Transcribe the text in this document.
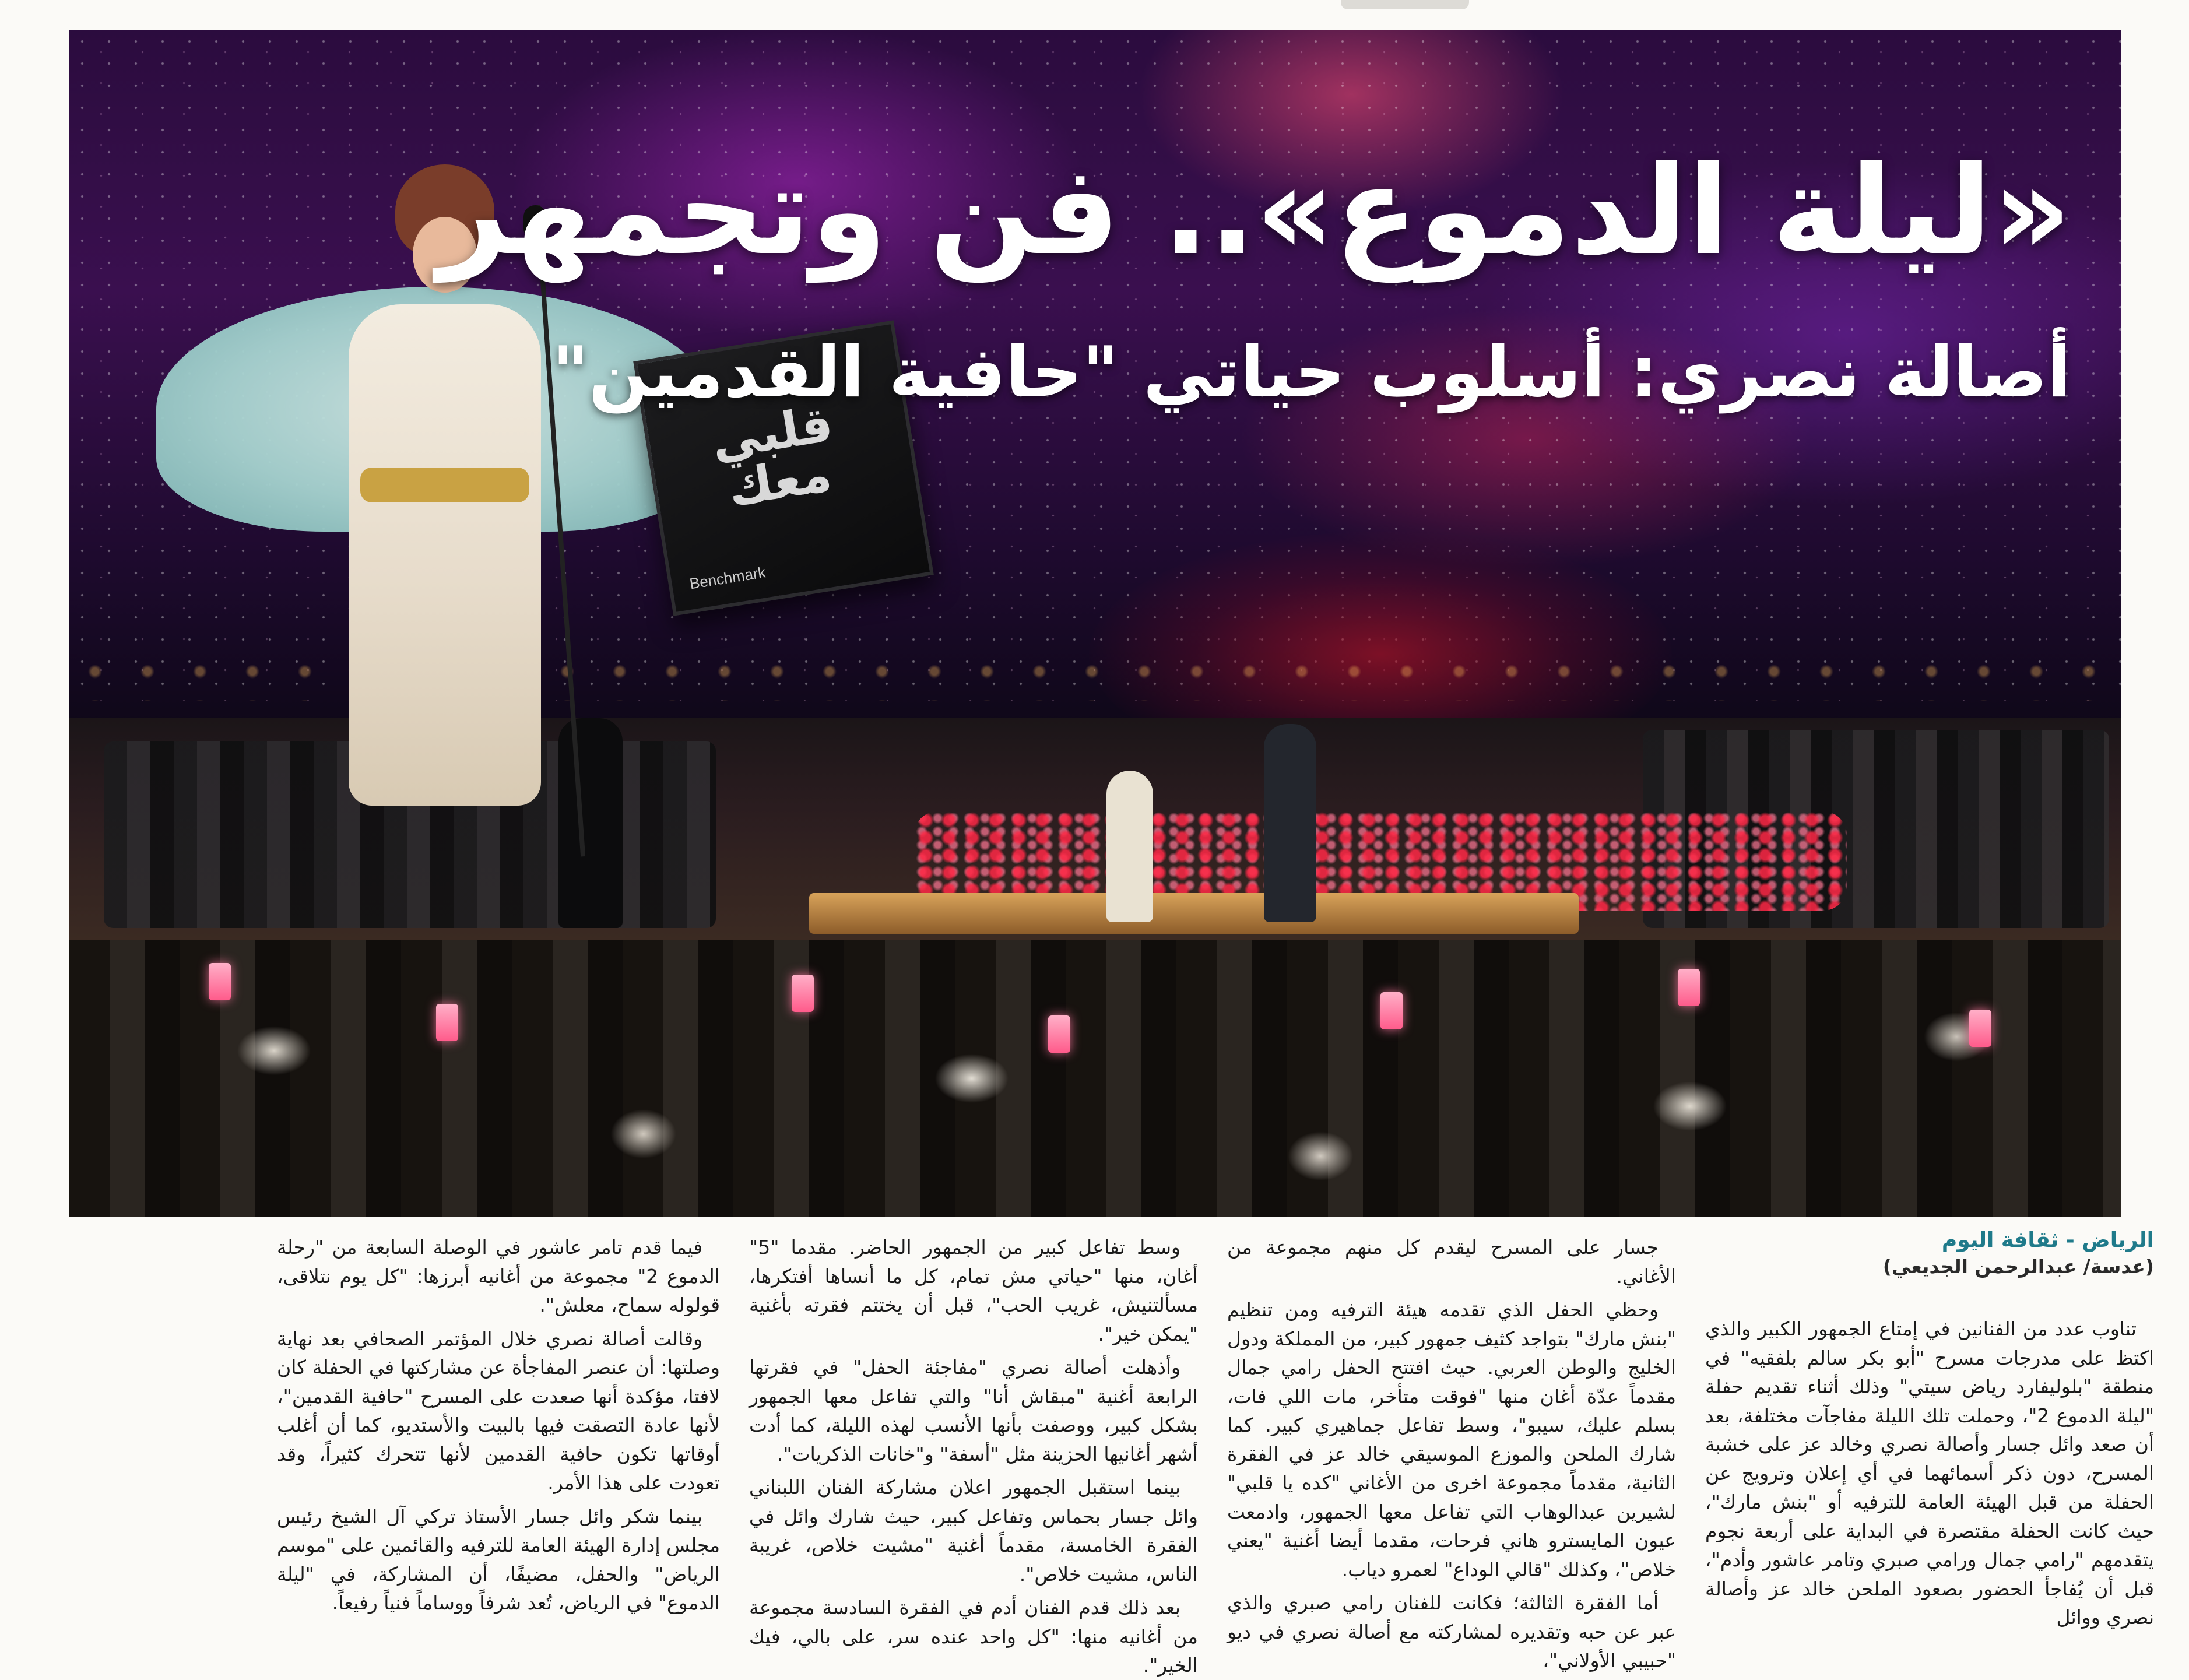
قلبي معك
Benchmark
«ليلة الدموع».. فن وتجمهر
أصالة نصري: أسلوب حياتي "حافية القدمين"
الرياض - ثقافة اليوم
(عدسة/ عبدالرحمن الجديعي)

تناوب عدد من الفنانين في إمتاع الجمهور الكبير والذي اكتظ على مدرجات مسرح "أبو بكر سالم بلفقيه" في منطقة "بلوليفارد رياض سيتي" وذلك أثناء تقديم حفلة "ليلة الدموع 2"، وحملت تلك الليلة مفاجآت مختلفة، بعد أن صعد وائل جسار وأصالة نصري وخالد عز على خشبة المسرح، دون ذكر أسمائهما في أي إعلان وترويج عن الحفلة من قبل الهيئة العامة للترفيه أو "بنش مارك"، حيث كانت الحفلة مقتصرة في البداية على أربعة نجوم يتقدمهم "رامي جمال ورامي صبري وتامر عاشور وأدم"، قبل أن يُفاجأ الحضور بصعود الملحن خالد عز وأصالة نصري ووائل

جسار على المسرح ليقدم كل منهم مجموعة من الأغاني.

وحظي الحفل الذي تقدمه هيئة الترفيه ومن تنظيم "بنش مارك" بتواجد كثيف جمهور كبير، من المملكة ودول الخليج والوطن العربي. حيث افتتح الحفل رامي جمال مقدماً عدّة أغان منها "فوقت متأخر، مات اللي فات، بسلم عليك، سيبو"، وسط تفاعل جماهيري كبير. كما شارك الملحن والموزع الموسيقي خالد عز في الفقرة الثانية، مقدماً مجموعة اخرى من الأغاني "كده يا قلبي" لشيرين عبدالوهاب التي تفاعل معها الجمهور، وادمعت عيون المايسترو هاني فرحات، مقدما أيضا أغنية "يعني خلاص"، وكذلك "قالي الوداع" لعمرو دياب.

أما الفقرة الثالثة؛ فكانت للفنان رامي صبري والذي عبر عن حبه وتقديره لمشاركته مع أصالة نصري في ديو "حبيبي الأولاني"،

وسط تفاعل كبير من الجمهور الحاضر. مقدما "5" أغان، منها "حياتي مش تمام، كل ما أنساها أفتكرها، مسألتنيش، غريب الحب"، قبل أن يختتم فقرته بأغنية "يمكن خير".

وأذهلت أصالة نصري "مفاجئة الحفل" في فقرتها الرابعة أغنية "مبقاش أنا" والتي تفاعل معها الجمهور بشكل كبير، ووصفت بأنها الأنسب لهذه الليلة، كما أدت أشهر أغانيها الحزينة مثل "أسفة" و"خانات الذكريات".

بينما استقبل الجمهور اعلان مشاركة الفنان اللبناني وائل جسار بحماس وتفاعل كبير، حيث شارك وائل في الفقرة الخامسة، مقدماً أغنية "مشيت خلاص، غريبة الناس، مشيت خلاص".

بعد ذلك قدم الفنان أدم في الفقرة السادسة مجموعة من أغانيه منها: "كل واحد عنده سر، على بالي، فيك الخير".

فيما قدم تامر عاشور في الوصلة السابعة من "رحلة الدموع 2" مجموعة من أغانيه أبرزها: "كل يوم نتلاقى، قولوله سماح، معلش".

وقالت أصالة نصري خلال المؤتمر الصحافي بعد نهاية وصلتها: أن عنصر المفاجأة عن مشاركتها في الحفلة كان لافتا، مؤكدة أنها صعدت على المسرح "حافية القدمين"، لأنها عادة التصقت فيها بالبيت والأستديو، كما أن أغلب أوقاتها تكون حافية القدمين لأنها تتحرك كثيراً، وقد تعودت على هذا الأمر.

بينما شكر وائل جسار الأستاذ تركي آل الشيخ رئيس مجلس إدارة الهيئة العامة للترفيه والقائمين على "موسم الرياض" والحفل، مضيفًا، أن المشاركة، في "ليلة الدموع" في الرياض، تُعد شرفاً ووساماً فنياً رفيعاً.
